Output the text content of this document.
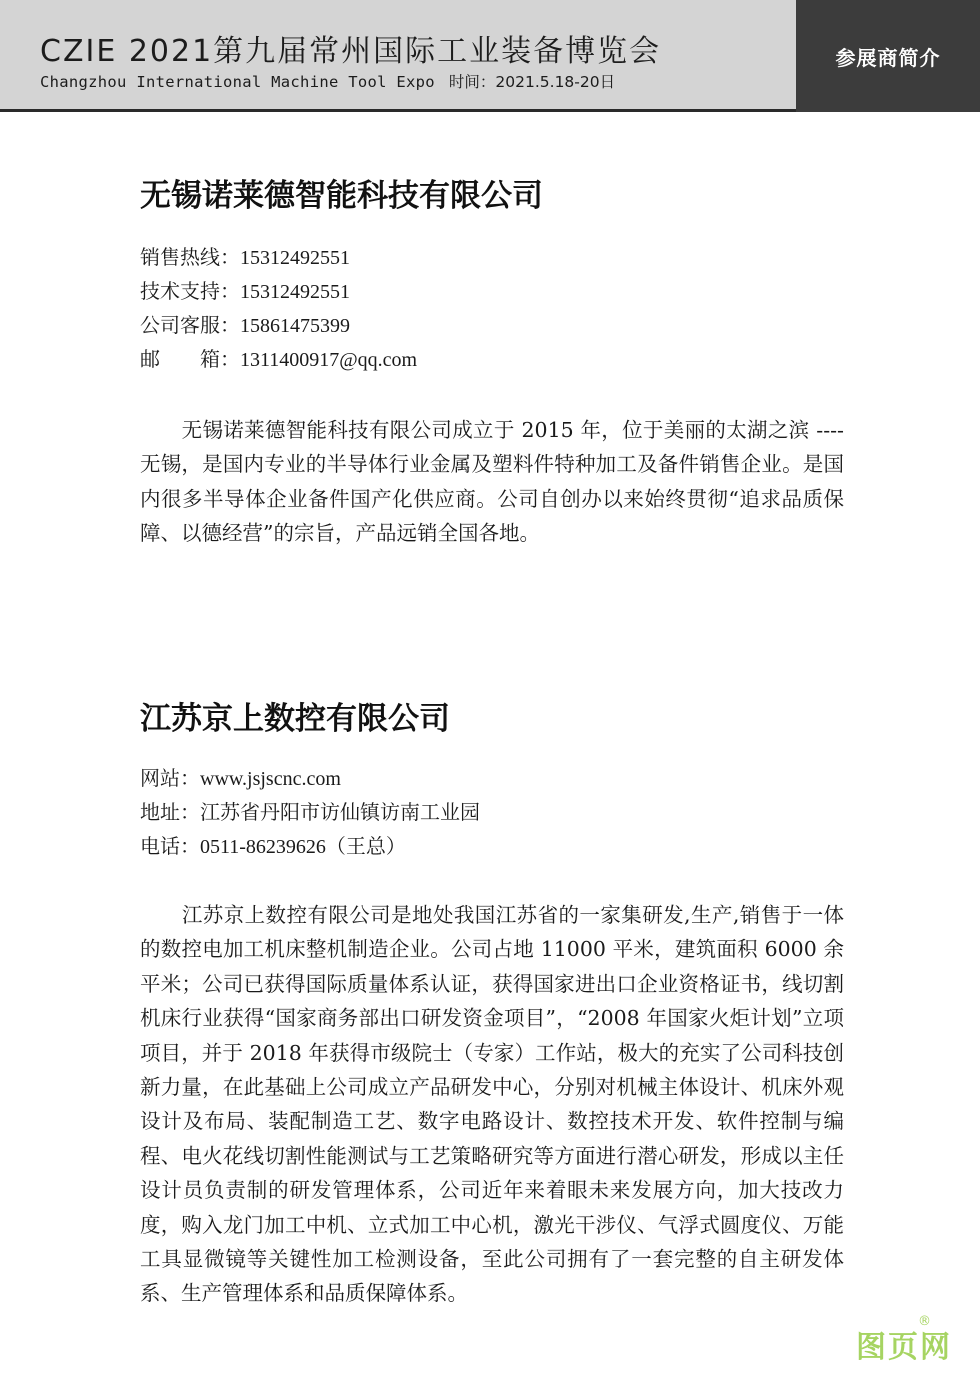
CZIE 2021第九届常州国际工业装备博览会
Changzhou International Machine Tool Expo 时间：2021.5.18-20日
参展商简介
无锡诺莱德智能科技有限公司
销售热线：15312492551
技术支持：15312492551
公司客服：15861475399
邮　　箱：1311400917@qq.com
　　无锡诺莱德智能科技有限公司成立于 2015 年，位于美丽的太湖之滨 ---- 无锡，是国内专业的半导体行业金属及塑料件特种加工及备件销售企业。是国内很多半导体企业备件国产化供应商。公司自创办以来始终贯彻“追求品质保障、以德经营”的宗旨，产品远销全国各地。
江苏京上数控有限公司
网站：www.jsjscnc.com
地址：江苏省丹阳市访仙镇访南工业园
电话：0511-86239626（王总）
　　江苏京上数控有限公司是地处我国江苏省的一家集研发,生产,销售于一体的数控电加工机床整机制造企业。公司占地 11000 平米，建筑面积 6000 余平米；公司已获得国际质量体系认证，获得国家进出口企业资格证书，线切割机床行业获得“国家商务部出口研发资金项目”，“2008 年国家火炬计划”立项项目，并于 2018 年获得市级院士（专家）工作站，极大的充实了公司科技创新力量，在此基础上公司成立产品研发中心，分别对机械主体设计、机床外观设计及布局、装配制造工艺、数字电路设计、数控技术开发、软件控制与编程、电火花线切割性能测试与工艺策略研究等方面进行潜心研发，形成以主任设计员负责制的研发管理体系，公司近年来着眼未来发展方向，加大技改力度，购入龙门加工中机、立式加工中心机，激光干涉仪、气浮式圆度仪、万能工具显微镜等关键性加工检测设备，至此公司拥有了一套完整的自主研发体系、生产管理体系和品质保障体系。
图页网
®
